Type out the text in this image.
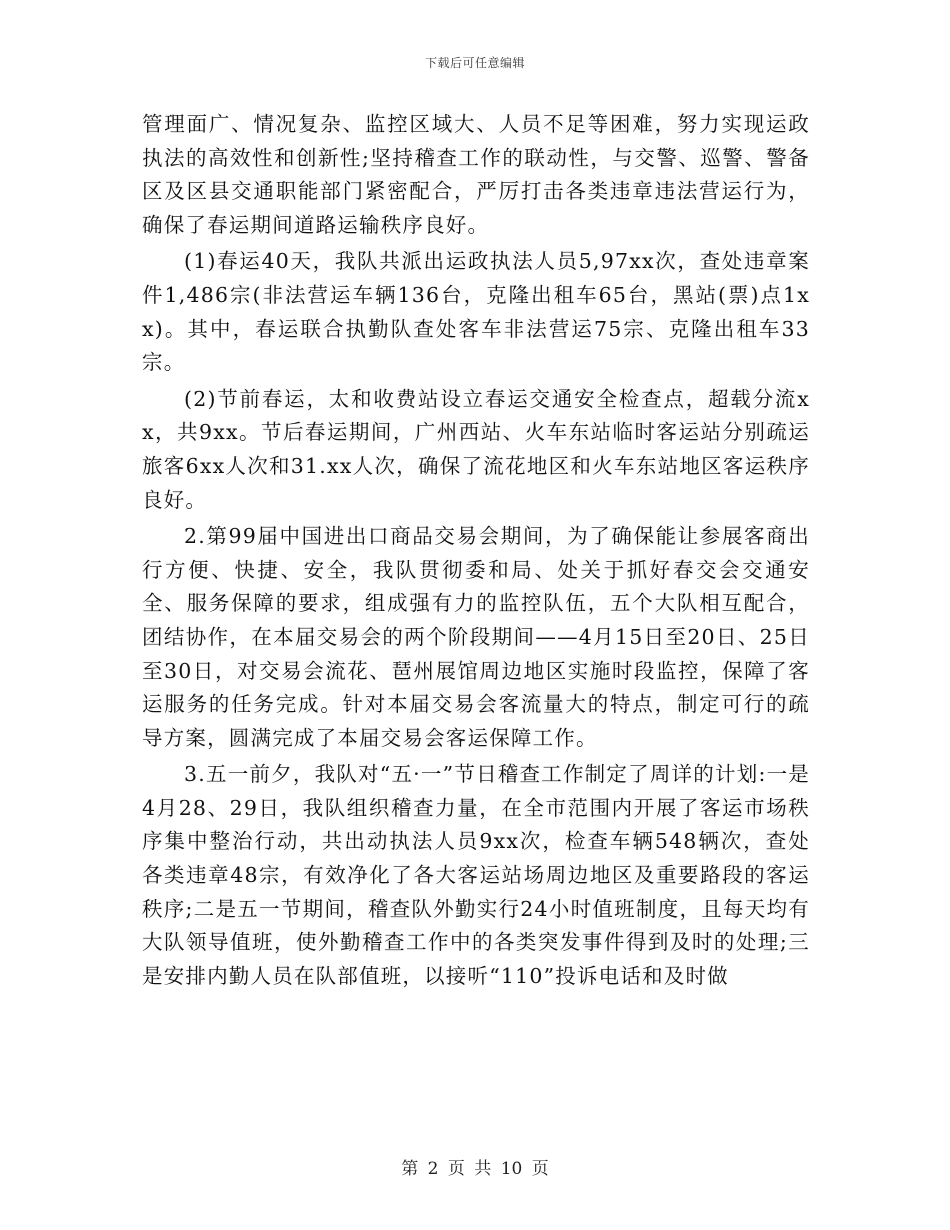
下载后可任意编辑

管理面广、情况复杂、监控区域大、人员不足等困难，努力实现运政执法的高效性和创新性;坚持稽查工作的联动性，与交警、巡警、警备区及区县交通职能部门紧密配合，严厉打击各类违章违法营运行为，确保了春运期间道路运输秩序良好。

(1)春运40天，我队共派出运政执法人员5,97xx次，查处违章案件1,486宗(非法营运车辆136台，克隆出租车65台，黑站(票)点1xx)。其中，春运联合执勤队查处客车非法营运75宗、克隆出租车33宗。

(2)节前春运，太和收费站设立春运交通安全检查点，超载分流xx，共9xx。节后春运期间，广州西站、火车东站临时客运站分别疏运旅客6xx人次和31.xx人次，确保了流花地区和火车东站地区客运秩序良好。

2.第99届中国进出口商品交易会期间，为了确保能让参展客商出行方便、快捷、安全，我队贯彻委和局、处关于抓好春交会交通安全、服务保障的要求，组成强有力的监控队伍，五个大队相互配合，团结协作，在本届交易会的两个阶段期间——4月15日至20日、25日至30日，对交易会流花、琶州展馆周边地区实施时段监控，保障了客运服务的任务完成。针对本届交易会客流量大的特点，制定可行的疏导方案，圆满完成了本届交易会客运保障工作。

3.五一前夕，我队对“五·一”节日稽查工作制定了周详的计划:一是4月28、29日，我队组织稽查力量，在全市范围内开展了客运市场秩序集中整治行动，共出动执法人员9xx次，检查车辆548辆次，查处各类违章48宗，有效净化了各大客运站场周边地区及重要路段的客运秩序;二是五一节期间，稽查队外勤实行24小时值班制度，且每天均有大队领导值班，使外勤稽查工作中的各类突发事件得到及时的处理;三是安排内勤人员在队部值班，以接听“110”投诉电话和及时做

第 2 页 共 10 页
